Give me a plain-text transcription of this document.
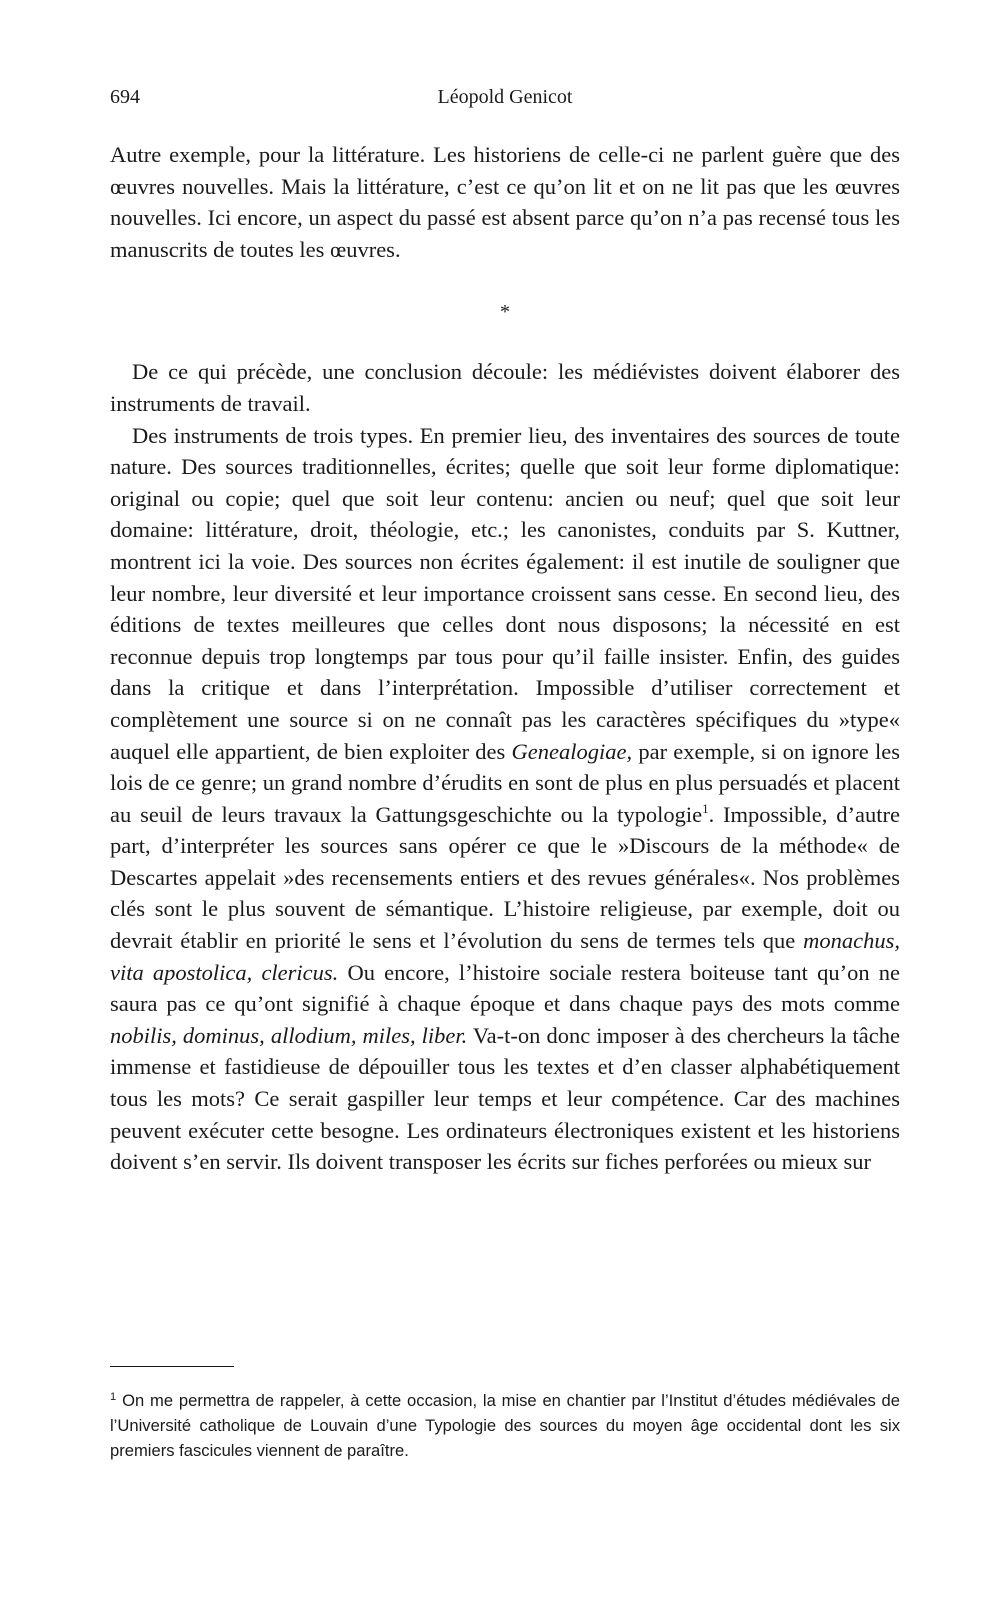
694	Léopold Genicot

Autre exemple, pour la littérature. Les historiens de celle-ci ne parlent guère que des œuvres nouvelles. Mais la littérature, c’est ce qu’on lit et on ne lit pas que les œuvres nouvelles. Ici encore, un aspect du passé est absent parce qu’on n’a pas recensé tous les manuscrits de toutes les œuvres.

*

De ce qui précède, une conclusion découle: les médiévistes doivent élaborer des instruments de travail.

Des instruments de trois types. En premier lieu, des inventaires des sources de toute nature. Des sources traditionnelles, écrites; quelle que soit leur forme diplomatique: original ou copie; quel que soit leur contenu: ancien ou neuf; quel que soit leur domaine: littérature, droit, théologie, etc.; les canonistes, conduits par S. Kuttner, montrent ici la voie. Des sources non écrites également: il est inutile de souligner que leur nombre, leur diversité et leur importance croissent sans cesse. En second lieu, des éditions de textes meilleures que celles dont nous disposons; la nécessité en est reconnue depuis trop longtemps par tous pour qu’il faille insister. Enfin, des guides dans la critique et dans l’interprétation. Impossible d’utiliser correctement et complètement une source si on ne connaît pas les caractères spécifiques du »type« auquel elle appartient, de bien exploiter des Genealogiae, par exemple, si on ignore les lois de ce genre; un grand nombre d’érudits en sont de plus en plus persuadés et placent au seuil de leurs travaux la Gattungsgeschichte ou la typologie$^1$. Impossible, d’autre part, d’interpréter les sources sans opérer ce que le »Discours de la méthode« de Descartes appelait »des recensements entiers et des revues générales«. Nos problèmes clés sont le plus souvent de sémantique. L’histoire religieuse, par exemple, doit ou devrait établir en priorité le sens et l’évolution du sens de termes tels que monachus, vita apostolica, clericus. Ou encore, l’histoire sociale restera boiteuse tant qu’on ne saura pas ce qu’ont signifié à chaque époque et dans chaque pays des mots comme nobilis, dominus, allodium, miles, liber. Va-t-on donc imposer à des chercheurs la tâche immense et fastidieuse de dépouiller tous les textes et d’en classer alphabétiquement tous les mots? Ce serait gaspiller leur temps et leur compétence. Car des machines peuvent exécuter cette besogne. Les ordinateurs électroniques existent et les historiens doivent s’en servir. Ils doivent transposer les écrits sur fiches perforées ou mieux sur

$^1$ On me permettra de rappeler, à cette occasion, la mise en chantier par l’Institut d’études médiévales de l’Université catholique de Louvain d’une Typologie des sources du moyen âge occidental dont les six premiers fascicules viennent de paraître.
